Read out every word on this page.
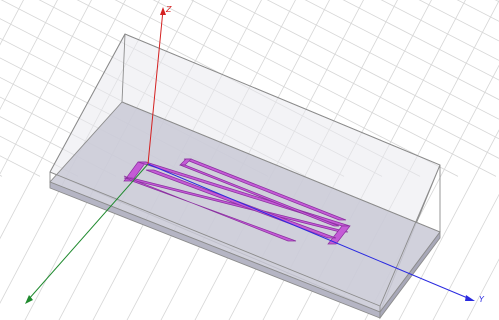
Z
Y
